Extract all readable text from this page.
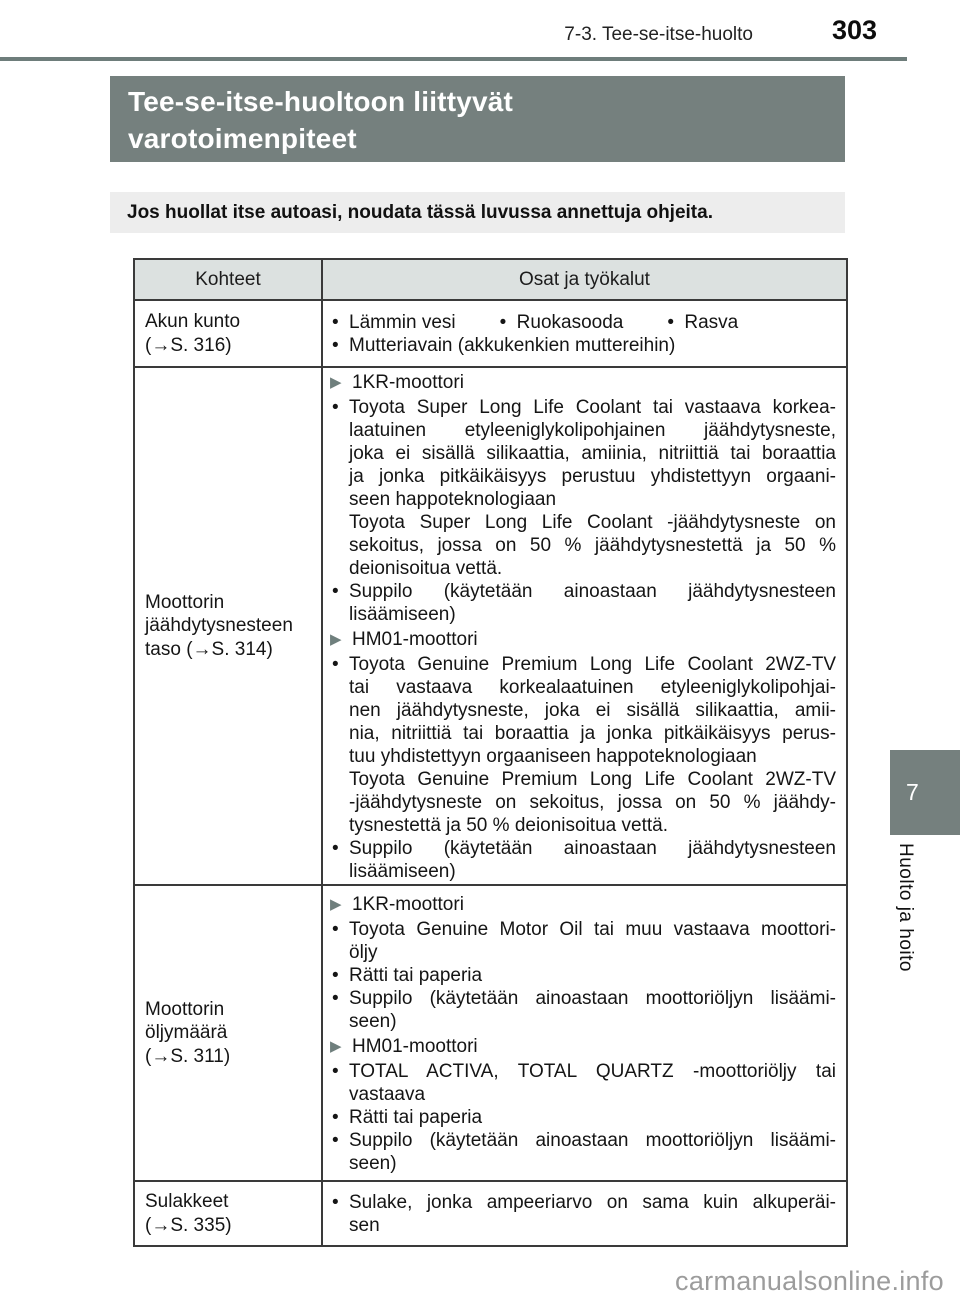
7-3. Tee-se-itse-huolto	303
Tee-se-itse-huoltoon liittyvät
varotoimenpiteet
Jos huollat itse autoasi, noudata tässä luvussa annettuja ohjeita.
Kohteet	Osat ja työkalut
Akun kunto
(→S. 316)
• Lämmin vesi • Ruokasooda • Rasva
• Mutteriavain (akkukenkien muttereihin)
Moottorin
jäähdytysnesteen
taso (→S. 314)
▶ 1KR-moottori
• Toyota Super Long Life Coolant tai vastaava korkea-
laatuinen etyleeniglykolipohjainen jäähdytysneste,
joka ei sisällä silikaattia, amiinia, nitriittiä tai boraattia
ja jonka pitkäikäisyys perustuu yhdistettyyn orgaani-
seen happoteknologiaan
Toyota Super Long Life Coolant -jäähdytysneste on
sekoitus, jossa on 50 % jäähdytysnestettä ja 50 %
deionisoitua vettä.
• Suppilo (käytetään ainoastaan jäähdytysnesteen
lisäämiseen)
▶ HM01-moottori
• Toyota Genuine Premium Long Life Coolant 2WZ-TV
tai vastaava korkealaatuinen etyleeniglykolipohjai-
nen jäähdytysneste, joka ei sisällä silikaattia, amii-
nia, nitriittiä tai boraattia ja jonka pitkäikäisyys perus-
tuu yhdistettyyn orgaaniseen happoteknologiaan
Toyota Genuine Premium Long Life Coolant 2WZ-TV
-jäähdytysneste on sekoitus, jossa on 50 % jäähdy-
tysnestettä ja 50 % deionisoitua vettä.
• Suppilo (käytetään ainoastaan jäähdytysnesteen
lisäämiseen)
Moottorin
öljymäärä
(→S. 311)
▶ 1KR-moottori
• Toyota Genuine Motor Oil tai muu vastaava moottori-
öljy
• Rätti tai paperia
• Suppilo (käytetään ainoastaan moottoriöljyn lisäämi-
seen)
▶ HM01-moottori
• TOTAL ACTIVA, TOTAL QUARTZ -moottoriöljy tai
vastaava
• Rätti tai paperia
• Suppilo (käytetään ainoastaan moottoriöljyn lisäämi-
seen)
Sulakkeet
(→S. 335)
• Sulake, jonka ampeeriarvo on sama kuin alkuperäi-
sen
7
Huolto ja hoito
carmanualsonline.info
